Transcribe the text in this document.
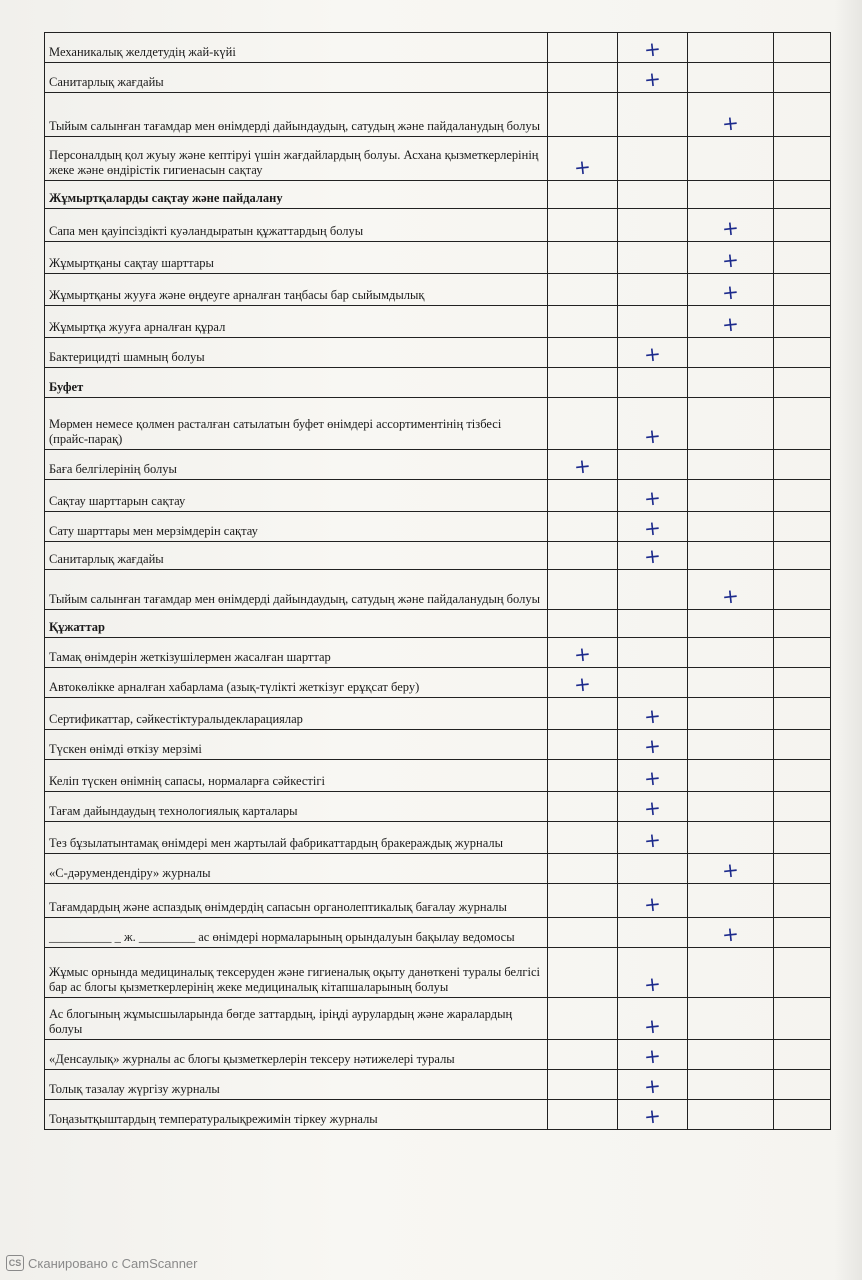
Механикалық желдетудің жай-күйі		+		
Санитарлық жағдайы		+		
Тыйым салынған тағамдар мен өнімдерді дайындаудың, сатудың және пайдаланудың болуы			+	
Персоналдың қол жуыу және кептіруі үшін жағдайлардың болуы. Асхана қызметкерлерінің жеке және өндірістік гигиенасын сақтау	+			
Жұмыртқаларды сақтау және пайдалану				
Сапа мен қауіпсіздікті куәландыратын құжаттардың болуы			+	
Жұмыртқаны сақтау шарттары			+	
Жұмыртқаны жууға және өңдеуге арналған таңбасы бар сыйымдылық			+	
Жұмыртқа жууға арналған құрал			+	
Бактерицидті шамның болуы		+		
Буфет				
Мөрмен немесе қолмен расталған сатылатын буфет өнімдері ассортиментінің тізбесі (прайс-парақ)		+		
Баға белгілерінің болуы	+			
Сақтау шарттарын сақтау		+		
Сату шарттары мен мерзімдерін сақтау		+		
Санитарлық жағдайы		+		
Тыйым салынған тағамдар мен өнімдерді дайындаудың, сатудың және пайдаланудың болуы			+	
Құжаттар				
Тамақ өнімдерін жеткізушілермен жасалған шарттар	+			
Автокөлікке арналған хабарлама (азық-түлікті жеткізуг ерұқсат беру)	+			
Сертификаттар, сәйкестіктуралыдекларациялар		+		
Түскен өнімді өткізу мерзімі		+		
Келіп түскен өнімнің сапасы, нормаларға сәйкестігі		+		
Тағам дайындаудың технологиялық карталары		+		
Тез бұзылатынтамақ өнімдері мен жартылай фабрикаттардың бракераждық журналы		+		
«С-дәрумендендіру» журналы			+	
Тағамдардың және аспаздық өнімдердің сапасын органолептикалық бағалау журналы		+		
__________ _ ж. _________ ас өнімдері нормаларының орындалуын бақылау ведомосы			+	
Жұмыс орнында медициналық тексеруден және гигиеналық оқыту данөткені туралы белгісі бар ас блогы қызметкерлерінің жеке медициналық кітапшаларының болуы		+		
Ас блогының жұмысшыларында бөгде заттардың, іріңді аурулардың және жаралардың болуы		+		
«Денсаулық» журналы ас блогы қызметкерлерін тексеру нәтижелері туралы		+		
Толық тазалау жүргізу журналы		+		
Тоңазытқыштардың температуралықрежимін тіркеу журналы		+		
CS Сканировано с CamScanner
